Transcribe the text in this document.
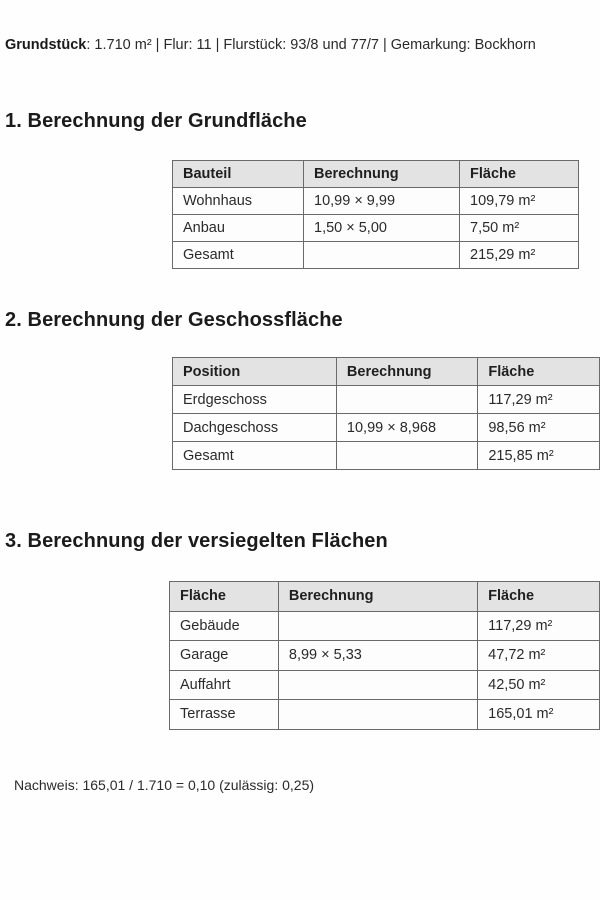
Grundstück: 1.710 m² | Flur: 11 | Flurstück: 93/8 und 77/7 | Gemarkung: Bockhorn
1. Berechnung der Grundfläche
Bauteil	Berechnung	Fläche
Wohnhaus	10,99 × 9,99	109,79 m²
Anbau	1,50 × 5,00	7,50 m²
Gesamt		215,29 m²
2. Berechnung der Geschossfläche
Position	Berechnung	Fläche
Erdgeschoss		117,29 m²
Dachgeschoss	10,99 × 8,968	98,56 m²
Gesamt		215,85 m²
3. Berechnung der versiegelten Flächen
Fläche	Berechnung	Fläche
Gebäude		117,29 m²
Garage	8,99 × 5,33	47,72 m²
Auffahrt		42,50 m²
Terrasse		165,01 m²
Nachweis: 165,01 / 1.710 = 0,10 (zulässig: 0,25)
